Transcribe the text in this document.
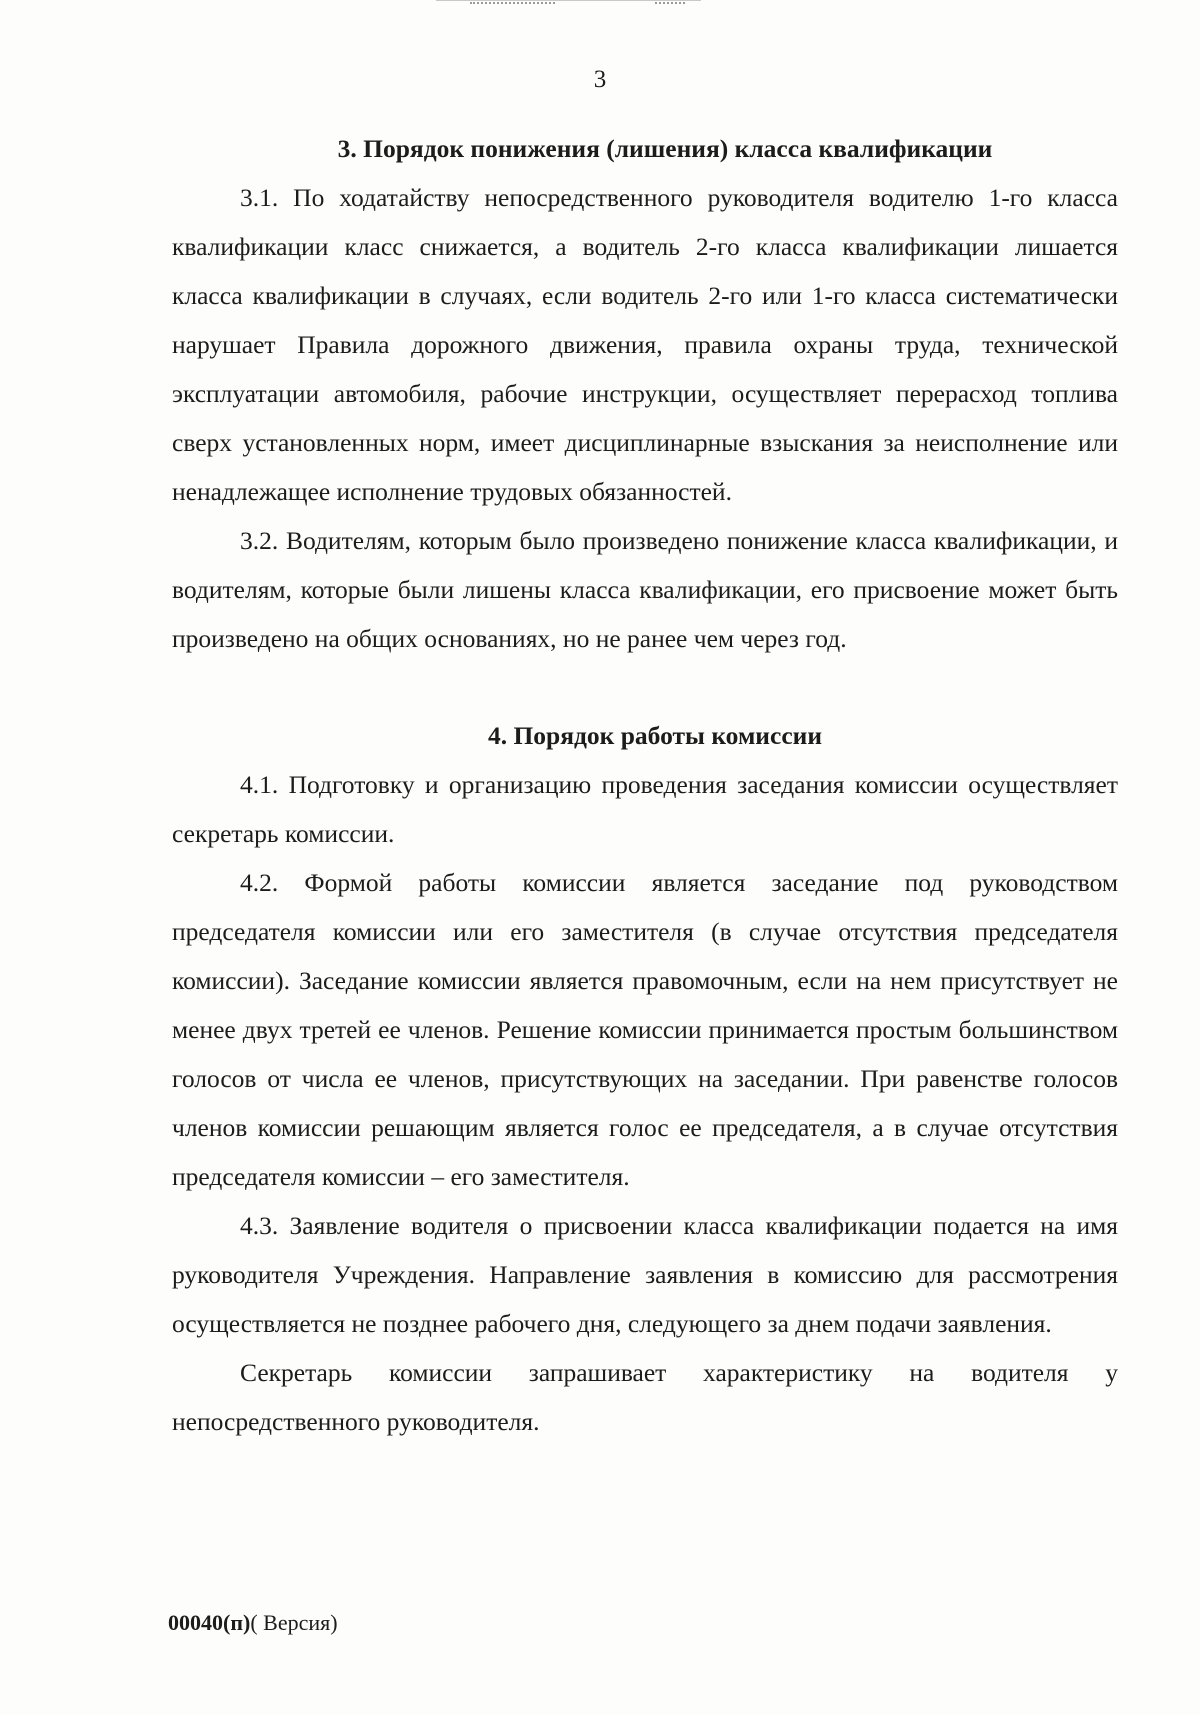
3

3. Порядок понижения (лишения) класса квалификации

3.1. По ходатайству непосредственного руководителя водителю 1-го класса квалификации класс снижается, а водитель 2-го класса квалификации лишается класса квалификации в случаях, если водитель 2-го или 1-го класса систематически нарушает Правила дорожного движения, правила охраны труда, технической эксплуатации автомобиля, рабочие инструкции, осуществляет перерасход топлива сверх установленных норм, имеет дисциплинарные взыскания за неисполнение или ненадлежащее исполнение трудовых обязанностей.

3.2. Водителям, которым было произведено понижение класса квалификации, и водителям, которые были лишены класса квалификации, его присвоение может быть произведено на общих основаниях, но не ранее чем через год.

4. Порядок работы комиссии

4.1. Подготовку и организацию проведения заседания комиссии осуществляет секретарь комиссии.

4.2. Формой работы комиссии является заседание под руководством председателя комиссии или его заместителя (в случае отсутствия председателя комиссии). Заседание комиссии является правомочным, если на нем присутствует не менее двух третей ее членов. Решение комиссии принимается простым большинством голосов от числа ее членов, присутствующих на заседании. При равенстве голосов членов комиссии решающим является голос ее председателя, а в случае отсутствия председателя комиссии – его заместителя.

4.3. Заявление водителя о присвоении класса квалификации подается на имя руководителя Учреждения. Направление заявления в комиссию для рассмотрения осуществляется не позднее рабочего дня, следующего за днем подачи заявления.

Секретарь комиссии запрашивает характеристику на водителя у непосредственного руководителя.

00040(п)( Версия)
